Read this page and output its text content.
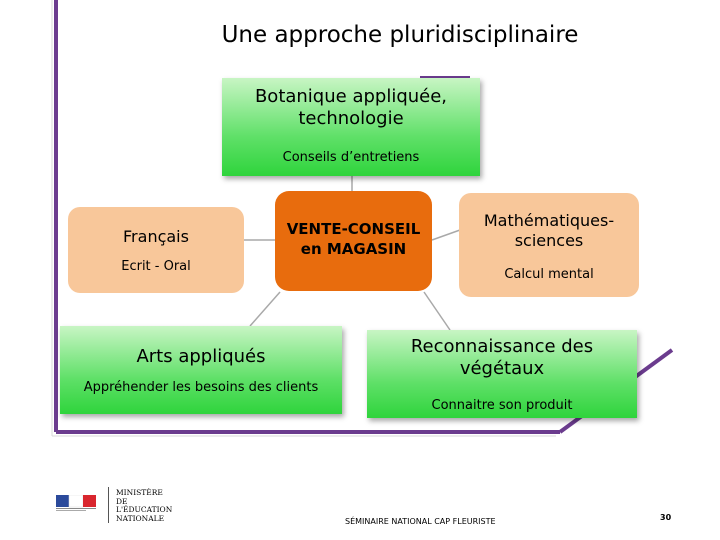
Une approche pluridisciplinaire
Botanique appliquée,
technologie
Conseils d’entretiens
Français
Ecrit - Oral
VENTE-CONSEIL
en MAGASIN
Mathématiques-
sciences
Calcul mental
Arts appliqués
Appréhender les besoins des clients
Reconnaissance des
végétaux
Connaitre son produit
MINISTÈRE
DE L'ÉDUCATION
NATIONALE	SÉMINAIRE NATIONAL CAP FLEURISTE	30
